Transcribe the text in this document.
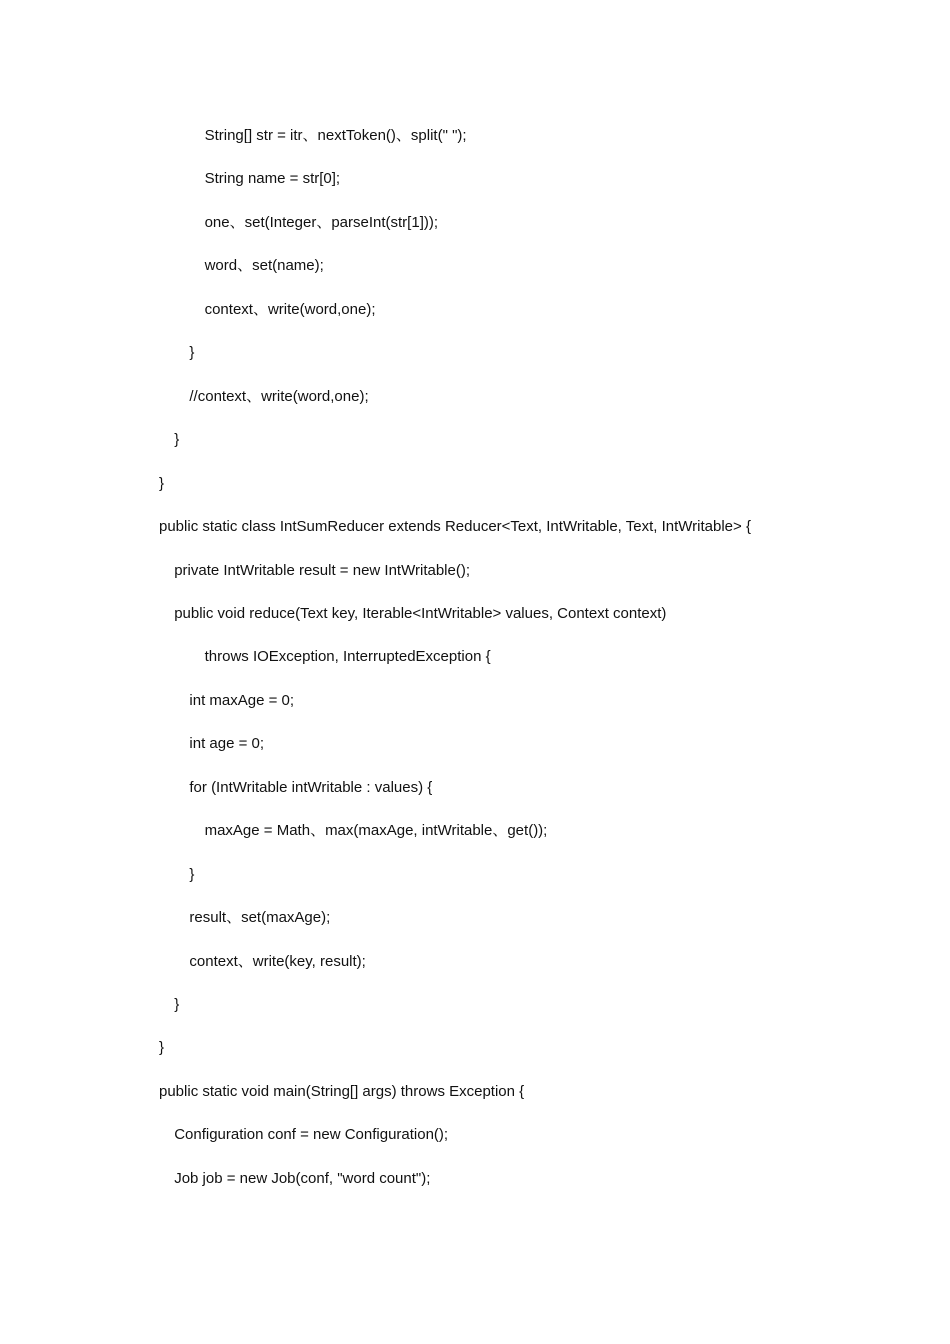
String[] str = itr、nextToken()、split(" ");
String name = str[0];
one、set(Integer、parseInt(str[1]));
word、set(name);
context、write(word,one);
}
//context、write(word,one);
}
}
public static class IntSumReducer extends Reducer<Text, IntWritable, Text, IntWritable> {
private IntWritable result = new IntWritable();
public void reduce(Text key, Iterable<IntWritable> values, Context context)
throws IOException, InterruptedException {
int maxAge = 0;
int age = 0;
for (IntWritable intWritable : values) {
maxAge = Math、max(maxAge, intWritable、get());
}
result、set(maxAge);
context、write(key, result);
}
}
public static void main(String[] args) throws Exception {
Configuration conf = new Configuration();
Job job = new Job(conf, "word count");
